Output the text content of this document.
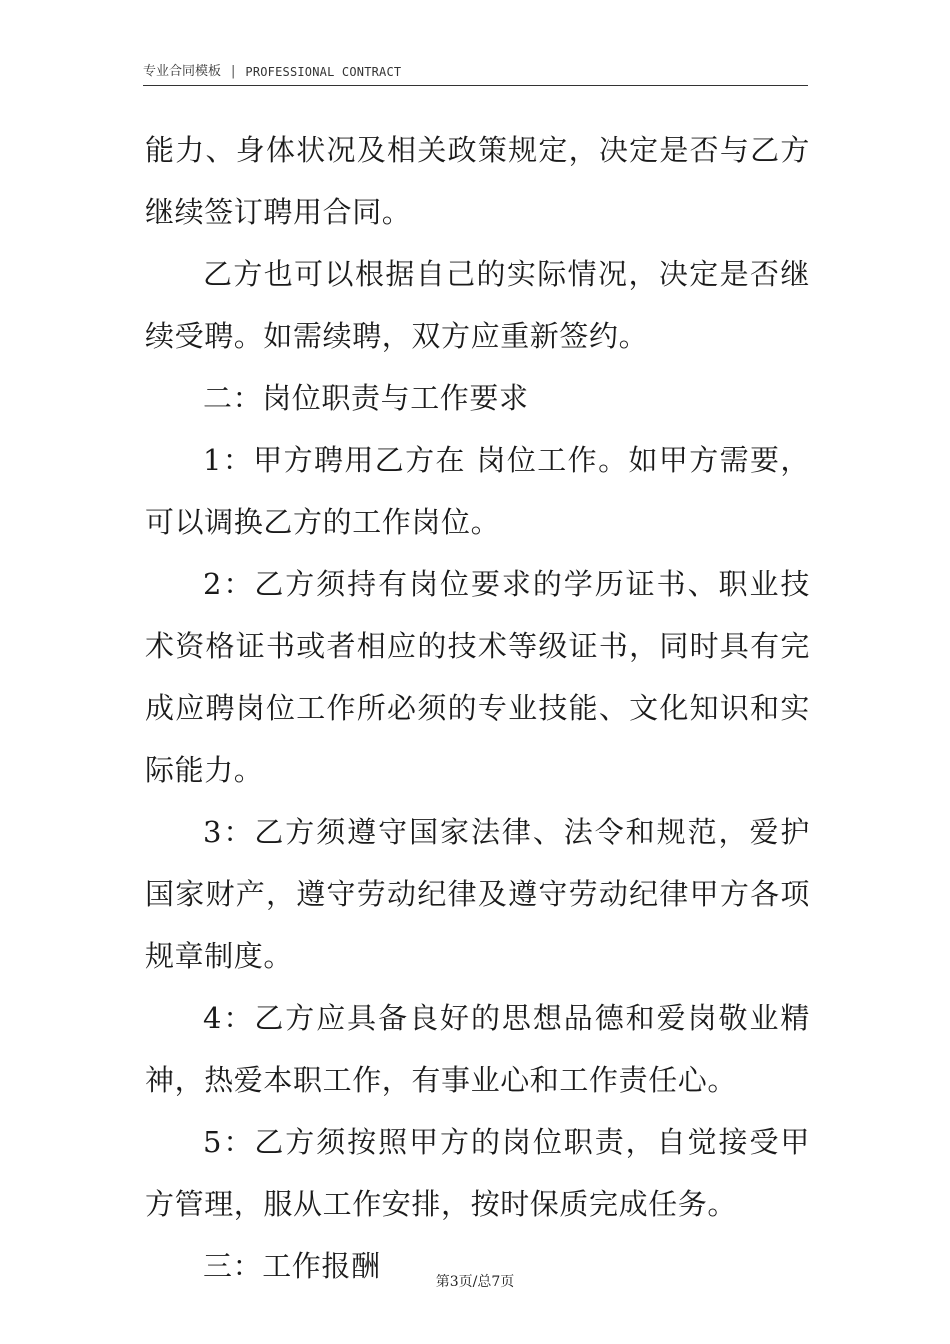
专业合同模板 | PROFESSIONAL CONTRACT

能力、身体状况及相关政策规定，决定是否与乙方继续签订聘用合同。

乙方也可以根据自己的实际情况，决定是否继续受聘。如需续聘，双方应重新签约。

二：岗位职责与工作要求

1：甲方聘用乙方在 岗位工作。如甲方需要，可以调换乙方的工作岗位。

2：乙方须持有岗位要求的学历证书、职业技术资格证书或者相应的技术等级证书，同时具有完成应聘岗位工作所必须的专业技能、文化知识和实际能力。

3：乙方须遵守国家法律、法令和规范，爱护国家财产，遵守劳动纪律及遵守劳动纪律甲方各项规章制度。

4：乙方应具备良好的思想品德和爱岗敬业精神，热爱本职工作，有事业心和工作责任心。

5：乙方须按照甲方的岗位职责，自觉接受甲方管理，服从工作安排，按时保质完成任务。

三：工作报酬	第3页/总7页
